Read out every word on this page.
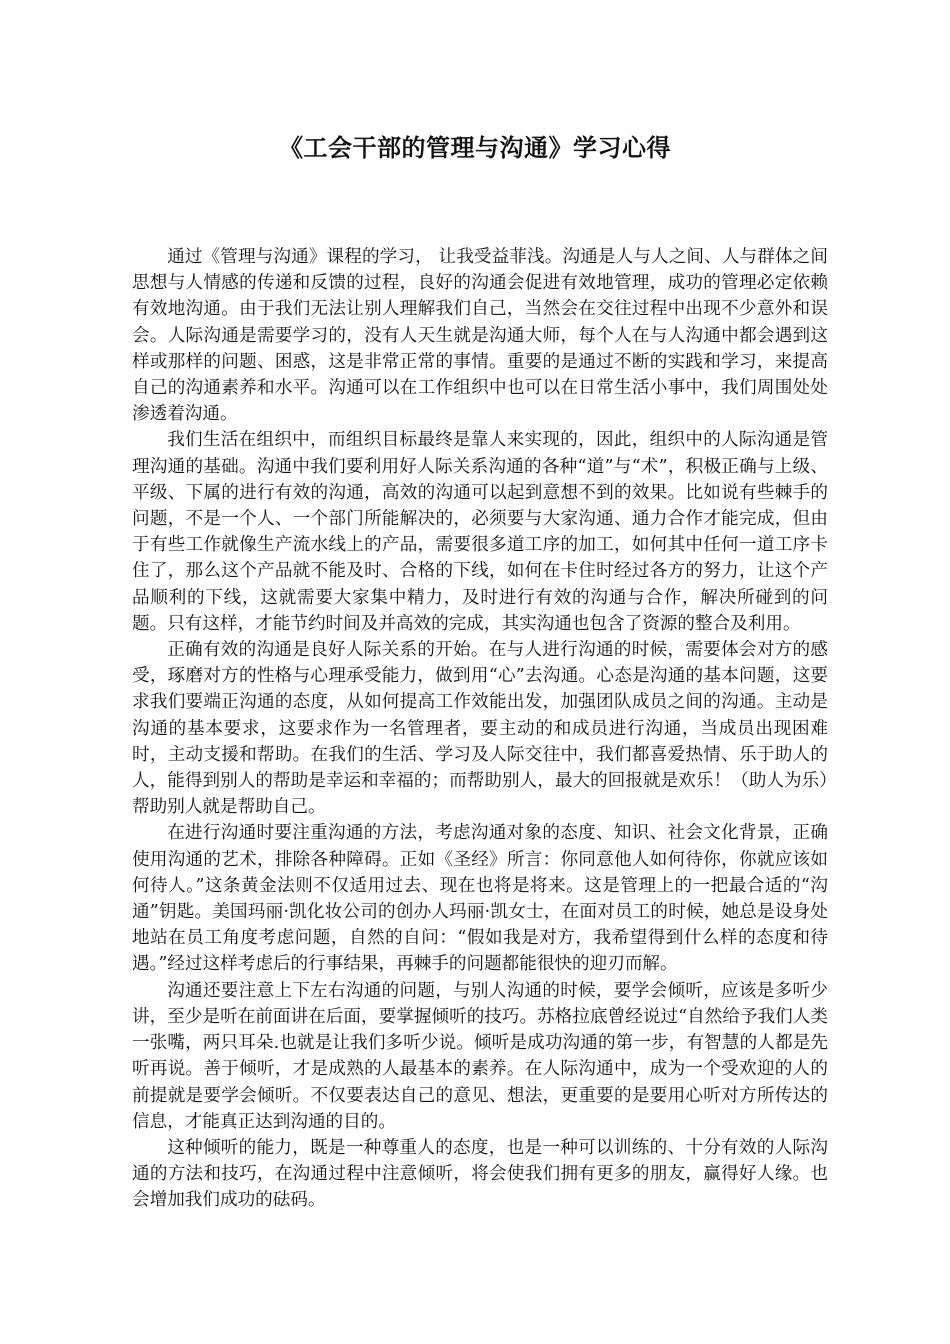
《工会干部的管理与沟通》学习心得

通过《管理与沟通》课程的学习， 让我受益菲浅。沟通是人与人之间、人与群体之间思想与人情感的传递和反馈的过程，良好的沟通会促进有效地管理，成功的管理必定依赖有效地沟通。由于我们无法让别人理解我们自己，当然会在交往过程中出现不少意外和误会。人际沟通是需要学习的，没有人天生就是沟通大师，每个人在与人沟通中都会遇到这样或那样的问题、困惑，这是非常正常的事情。重要的是通过不断的实践和学习，来提高自己的沟通素养和水平。沟通可以在工作组织中也可以在日常生活小事中，我们周围处处渗透着沟通。

我们生活在组织中，而组织目标最终是靠人来实现的，因此，组织中的人际沟通是管理沟通的基础。沟通中我们要利用好人际关系沟通的各种“道”与“术”，积极正确与上级、平级、下属的进行有效的沟通，高效的沟通可以起到意想不到的效果。比如说有些棘手的问题，不是一个人、一个部门所能解决的，必须要与大家沟通、通力合作才能完成，但由于有些工作就像生产流水线上的产品，需要很多道工序的加工，如何其中任何一道工序卡住了，那么这个产品就不能及时、合格的下线，如何在卡住时经过各方的努力，让这个产品顺利的下线，这就需要大家集中精力，及时进行有效的沟通与合作，解决所碰到的问题。只有这样，才能节约时间及并高效的完成，其实沟通也包含了资源的整合及利用。

正确有效的沟通是良好人际关系的开始。在与人进行沟通的时候，需要体会对方的感受，琢磨对方的性格与心理承受能力，做到用“心”去沟通。心态是沟通的基本问题，这要求我们要端正沟通的态度，从如何提高工作效能出发，加强团队成员之间的沟通。主动是沟通的基本要求，这要求作为一名管理者，要主动的和成员进行沟通，当成员出现困难时，主动支援和帮助。在我们的生活、学习及人际交往中，我们都喜爱热情、乐于助人的人，能得到别人的帮助是幸运和幸福的；而帮助别人，最大的回报就是欢乐！（助人为乐）帮助别人就是帮助自己。

在进行沟通时要注重沟通的方法，考虑沟通对象的态度、知识、社会文化背景，正确使用沟通的艺术，排除各种障碍。正如《圣经》所言：你同意他人如何待你，你就应该如何待人。”这条黄金法则不仅适用过去、现在也将是将来。这是管理上的一把最合适的“沟通”钥匙。美国玛丽·凯化妆公司的创办人玛丽·凯女士，在面对员工的时候，她总是设身处地站在员工角度考虑问题，自然的自问：“假如我是对方，我希望得到什么样的态度和待遇。”经过这样考虑后的行事结果，再棘手的问题都能很快的迎刃而解。

沟通还要注意上下左右沟通的问题，与别人沟通的时候，要学会倾听，应该是多听少讲，至少是听在前面讲在后面，要掌握倾听的技巧。苏格拉底曾经说过“自然给予我们人类一张嘴，两只耳朵.也就是让我们多听少说。倾听是成功沟通的第一步，有智慧的人都是先听再说。善于倾听，才是成熟的人最基本的素养。在人际沟通中，成为一个受欢迎的人的前提就是要学会倾听。不仅要表达自己的意见、想法，更重要的是要用心听对方所传达的信息，才能真正达到沟通的目的。

这种倾听的能力，既是一种尊重人的态度，也是一种可以训练的、十分有效的人际沟通的方法和技巧，在沟通过程中注意倾听，将会使我们拥有更多的朋友，赢得好人缘。也会增加我们成功的砝码。
